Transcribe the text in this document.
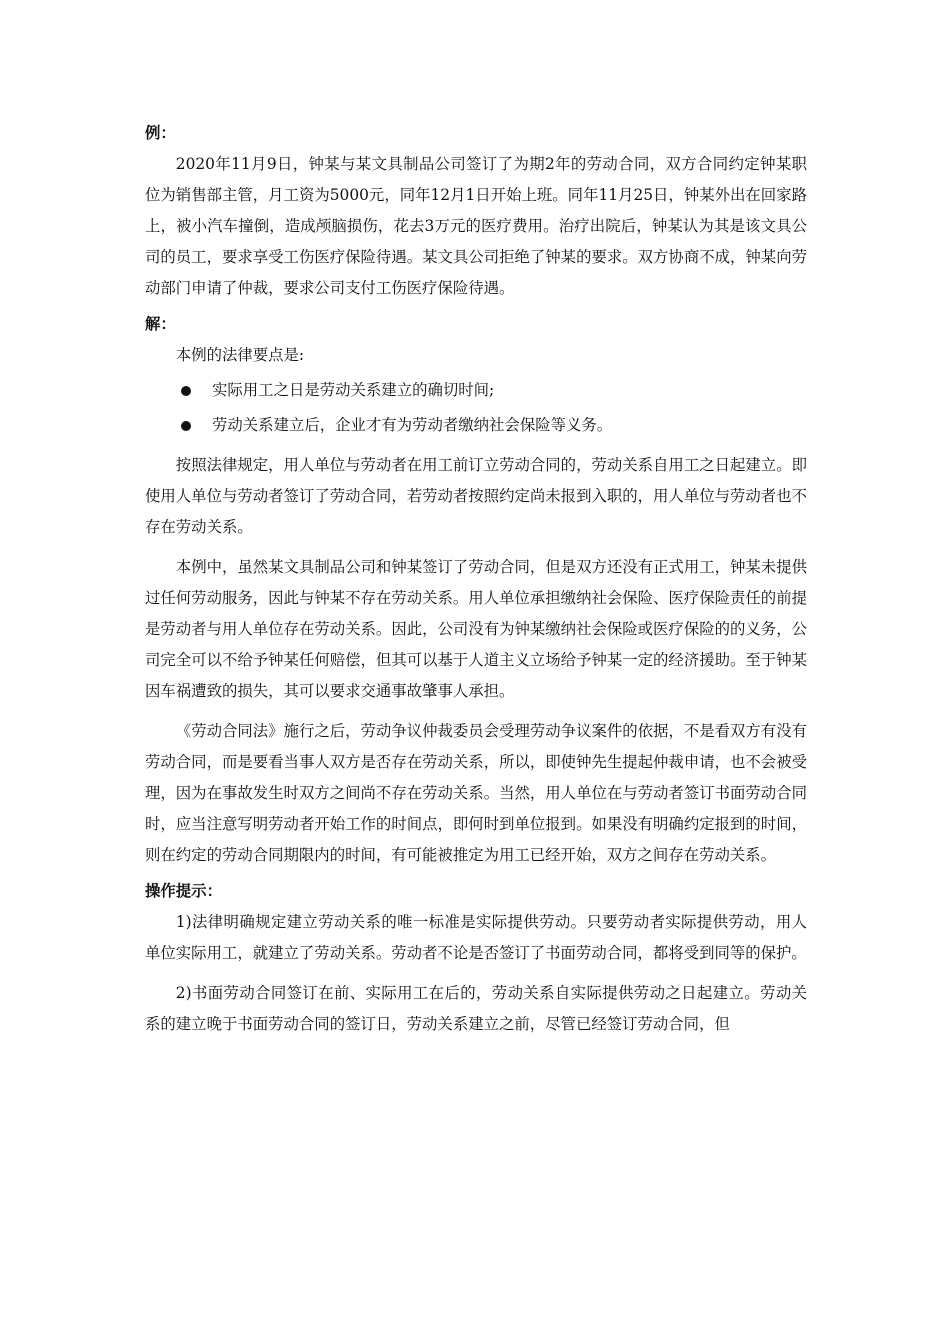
例：

2020年11月9日，钟某与某文具制品公司签订了为期2年的劳动合同，双方合同约定钟某职位为销售部主管，月工资为5000元，同年12月1日开始上班。同年11月25日，钟某外出在回家路上，被小汽车撞倒，造成颅脑损伤，花去3万元的医疗费用。治疗出院后，钟某认为其是该文具公司的员工，要求享受工伤医疗保险待遇。某文具公司拒绝了钟某的要求。双方协商不成，钟某向劳动部门申请了仲裁，要求公司支付工伤医疗保险待遇。

解：

本例的法律要点是:

实际用工之日是劳动关系建立的确切时间;
劳动关系建立后，企业才有为劳动者缴纳社会保险等义务。

按照法律规定，用人单位与劳动者在用工前订立劳动合同的，劳动关系自用工之日起建立。即使用人单位与劳动者签订了劳动合同，若劳动者按照约定尚未报到入职的，用人单位与劳动者也不存在劳动关系。

本例中，虽然某文具制品公司和钟某签订了劳动合同，但是双方还没有正式用工，钟某未提供过任何劳动服务，因此与钟某不存在劳动关系。用人单位承担缴纳社会保险、医疗保险责任的前提是劳动者与用人单位存在劳动关系。因此，公司没有为钟某缴纳社会保险或医疗保险的的义务，公司完全可以不给予钟某任何赔偿，但其可以基于人道主义立场给予钟某一定的经济援助。至于钟某因车祸遭致的损失，其可以要求交通事故肇事人承担。

《劳动合同法》施行之后，劳动争议仲裁委员会受理劳动争议案件的依据，不是看双方有没有劳动合同，而是要看当事人双方是否存在劳动关系，所以，即使钟先生提起仲裁申请，也不会被受理，因为在事故发生时双方之间尚不存在劳动关系。当然，用人单位在与劳动者签订书面劳动合同时，应当注意写明劳动者开始工作的时间点，即何时到单位报到。如果没有明确约定报到的时间，则在约定的劳动合同期限内的时间，有可能被推定为用工已经开始，双方之间存在劳动关系。

操作提示：

1)法律明确规定建立劳动关系的唯一标准是实际提供劳动。只要劳动者实际提供劳动，用人单位实际用工，就建立了劳动关系。劳动者不论是否签订了书面劳动合同，都将受到同等的保护。

2)书面劳动合同签订在前、实际用工在后的，劳动关系自实际提供劳动之日起建立。劳动关系的建立晚于书面劳动合同的签订日，劳动关系建立之前，尽管已经签订劳动合同，但
